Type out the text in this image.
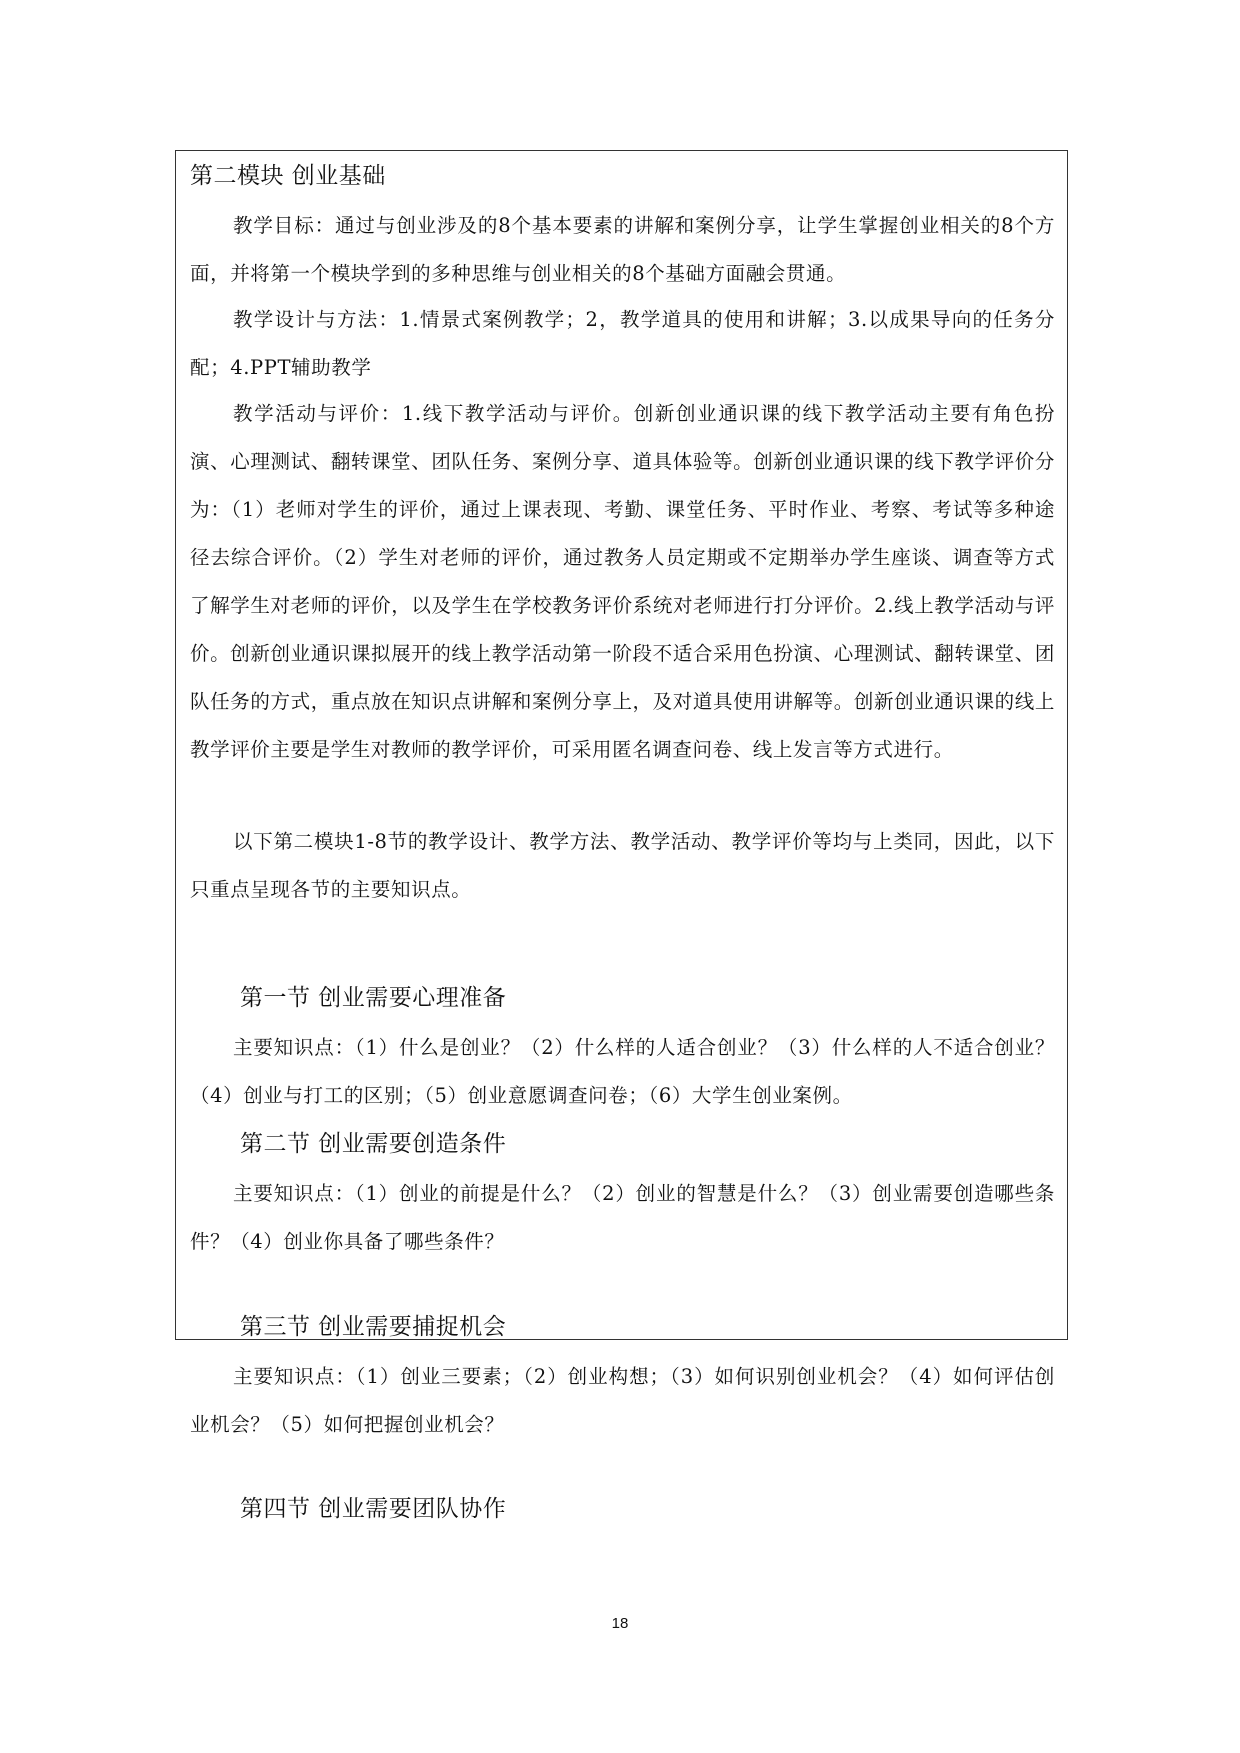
第二模块 创业基础

教学目标：通过与创业涉及的8个基本要素的讲解和案例分享，让学生掌握创业相关的8个方面，并将第一个模块学到的多种思维与创业相关的8个基础方面融会贯通。

教学设计与方法：1.情景式案例教学；2，教学道具的使用和讲解；3.以成果导向的任务分配；4.PPT辅助教学

教学活动与评价：1.线下教学活动与评价。创新创业通识课的线下教学活动主要有角色扮演、心理测试、翻转课堂、团队任务、案例分享、道具体验等。创新创业通识课的线下教学评价分为：（1）老师对学生的评价，通过上课表现、考勤、课堂任务、平时作业、考察、考试等多种途径去综合评价。（2）学生对老师的评价，通过教务人员定期或不定期举办学生座谈、调查等方式了解学生对老师的评价，以及学生在学校教务评价系统对老师进行打分评价。2.线上教学活动与评价。创新创业通识课拟展开的线上教学活动第一阶段不适合采用色扮演、心理测试、翻转课堂、团队任务的方式，重点放在知识点讲解和案例分享上，及对道具使用讲解等。创新创业通识课的线上教学评价主要是学生对教师的教学评价，可采用匿名调查问卷、线上发言等方式进行。

以下第二模块1-8节的教学设计、教学方法、教学活动、教学评价等均与上类同，因此，以下只重点呈现各节的主要知识点。

第一节 创业需要心理准备

主要知识点：（1）什么是创业？（2）什么样的人适合创业？（3）什么样的人不适合创业？（4）创业与打工的区别；（5）创业意愿调查问卷；（6）大学生创业案例。

第二节 创业需要创造条件

主要知识点：（1）创业的前提是什么？（2）创业的智慧是什么？（3）创业需要创造哪些条件？（4）创业你具备了哪些条件？

第三节 创业需要捕捉机会

主要知识点：（1）创业三要素；（2）创业构想；（3）如何识别创业机会？（4）如何评估创业机会？（5）如何把握创业机会？

第四节 创业需要团队协作
18
